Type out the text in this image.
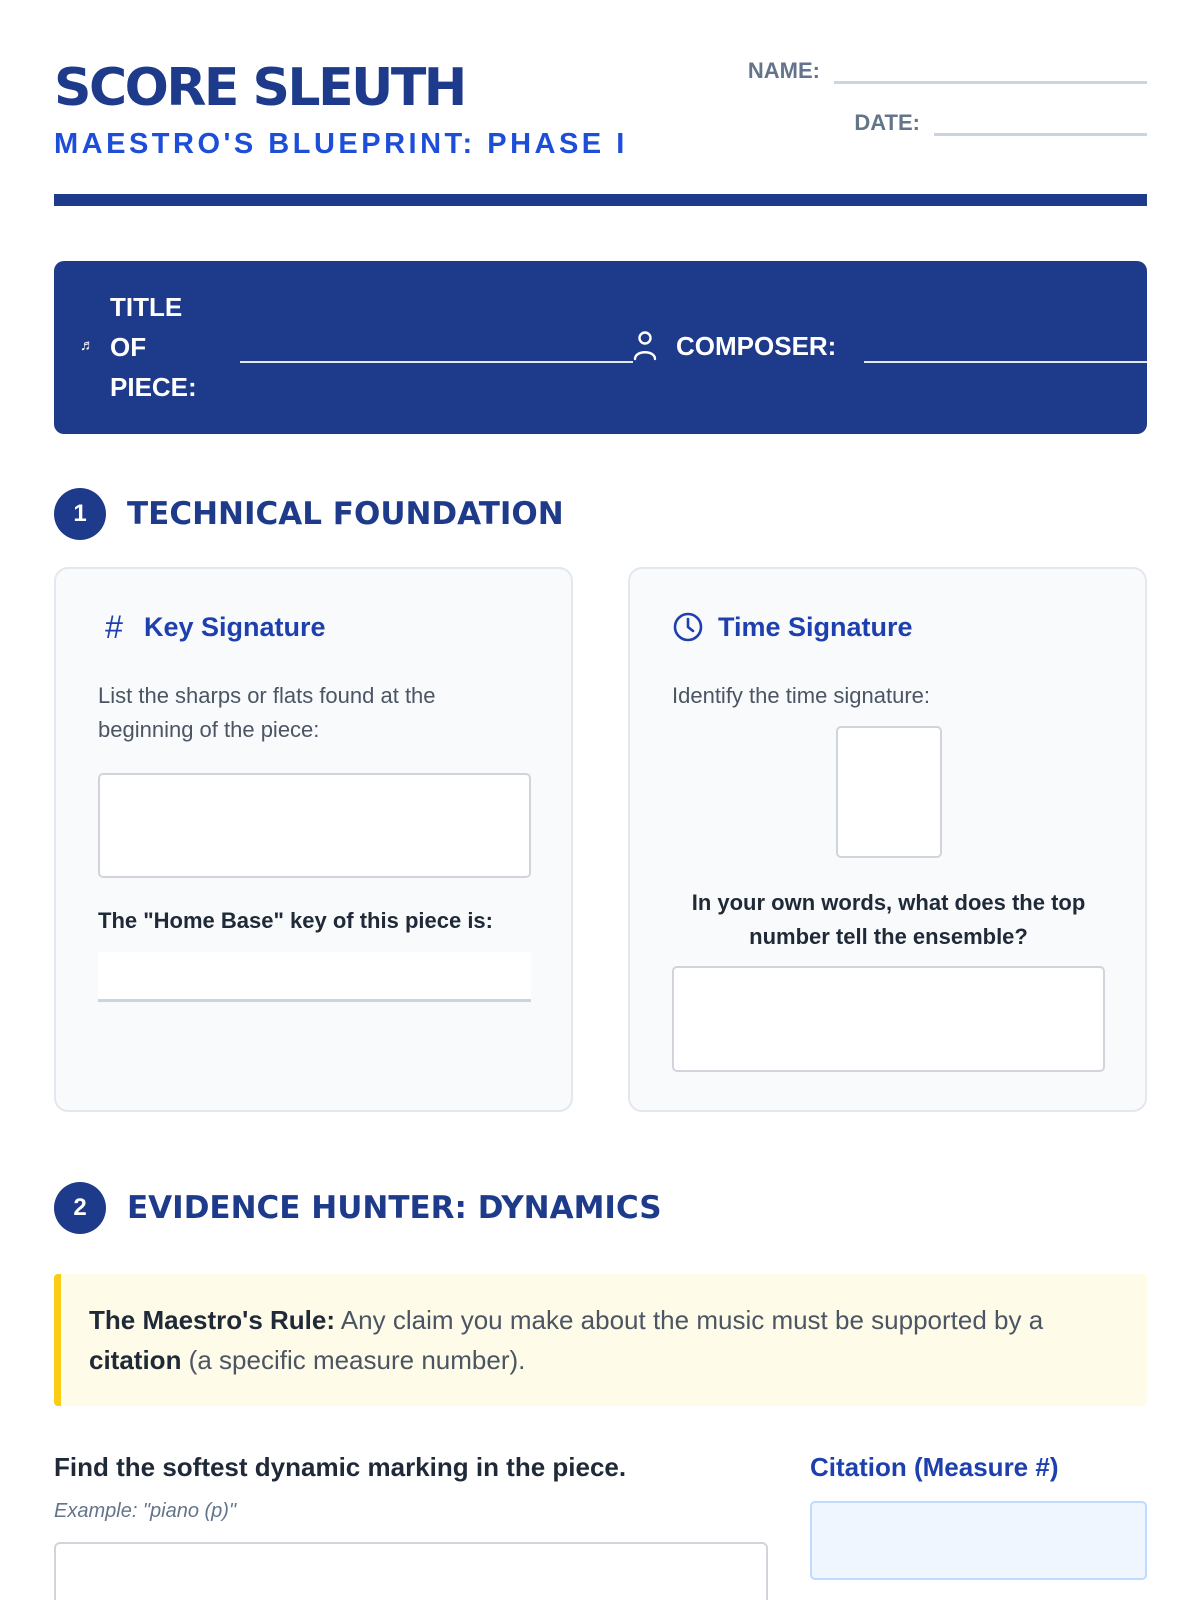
SCORE SLEUTH
MAESTRO'S BLUEPRINT: PHASE I
NAME:
DATE:
♬
TITLE OF PIECE:
COMPOSER:
1	TECHNICAL FOUNDATION
# Key Signature
List the sharps or flats found at the beginning of the piece:
The "Home Base" key of this piece is:
Time Signature
Identify the time signature:
In your own words, what does the top number tell the ensemble?
2	EVIDENCE HUNTER: DYNAMICS
The Maestro's Rule: Any claim you make about the music must be supported by a citation (a specific measure number).
Find the softest dynamic marking in the piece.
Example: "piano (p)"
Citation (Measure #)
